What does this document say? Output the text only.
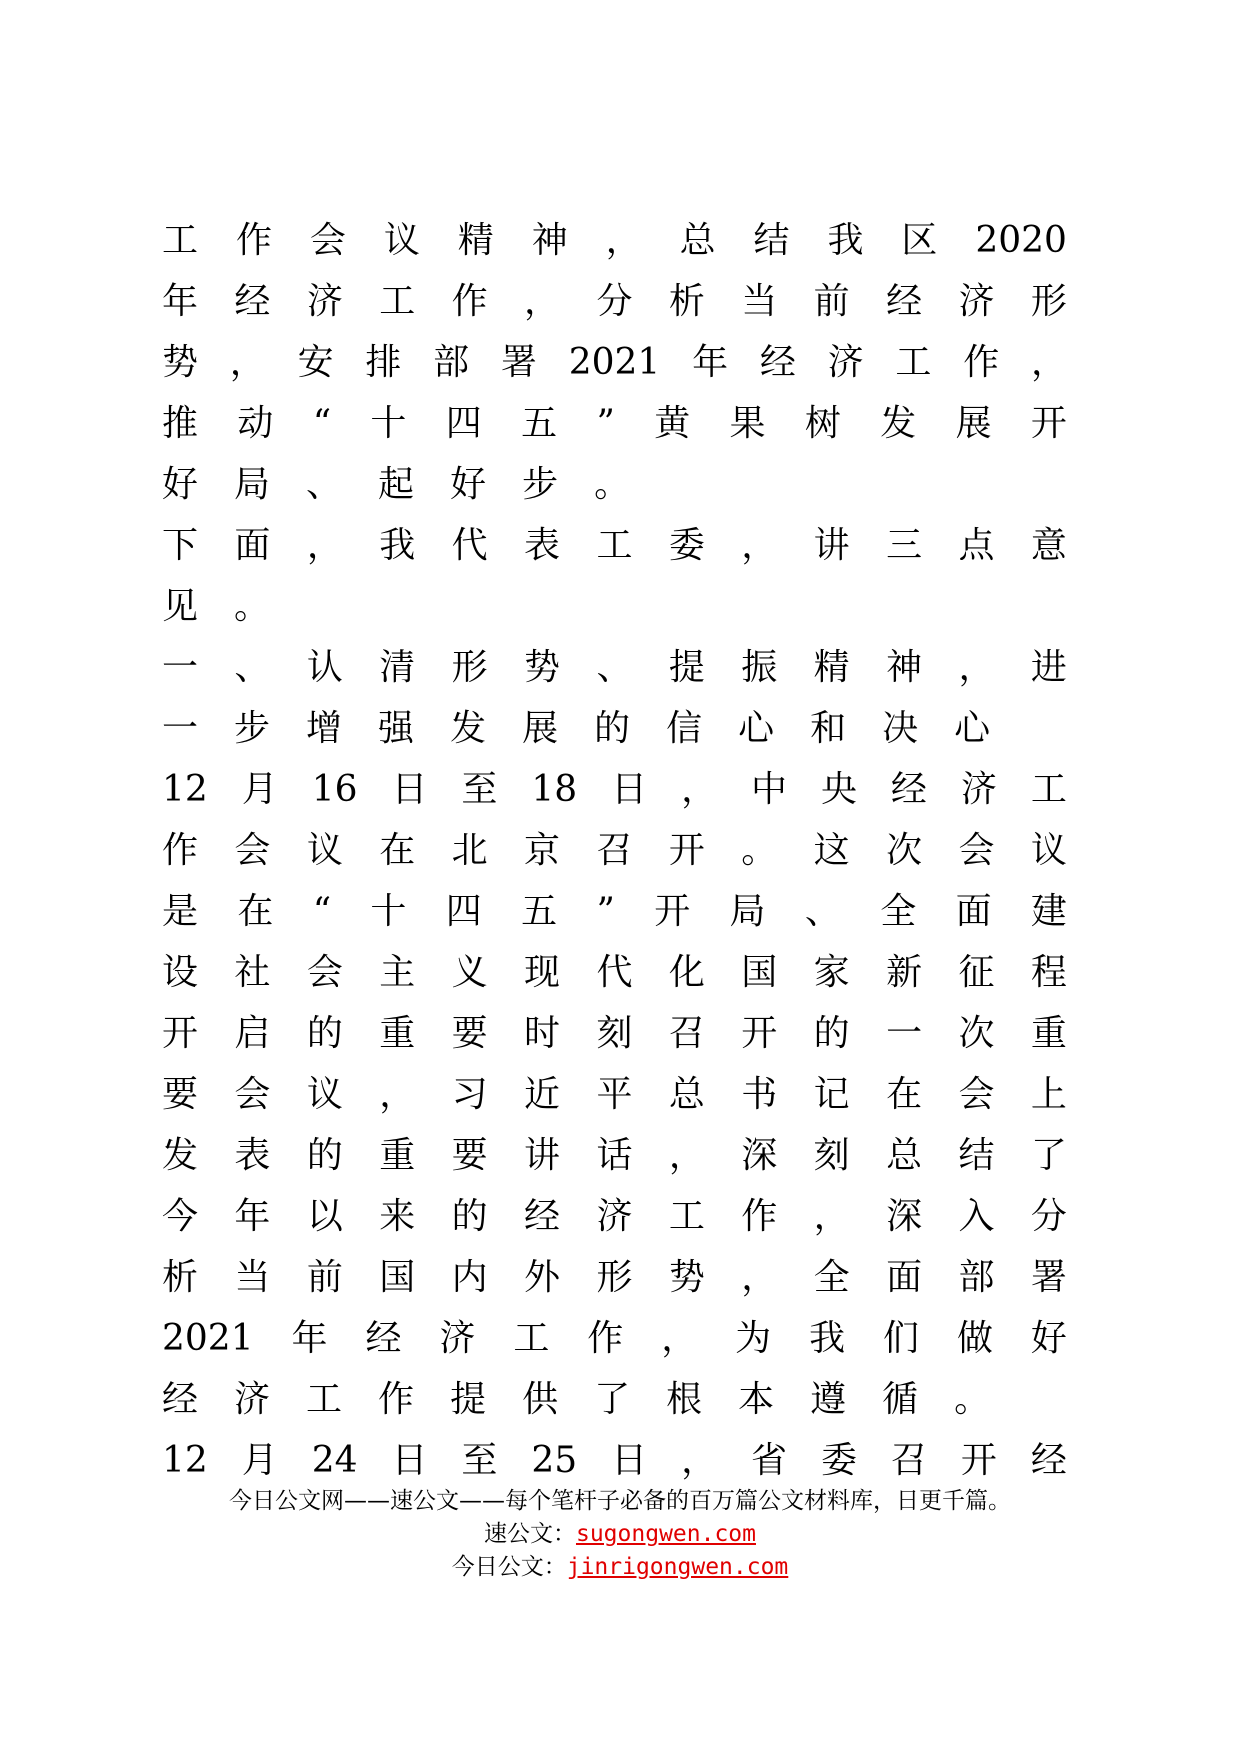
工 作 会 议 精 神 ， 总 结 我 区 2020
年 经 济 工 作 ， 分 析 当 前 经 济 形
势 ， 安 排 部 署 2021 年 经 济 工 作 ，
推 动 “ 十 四 五 ” 黄 果 树 发 展 开
好 局 、 起 好 步 。
下 面 ， 我 代 表 工 委 ， 讲 三 点 意
见 。
一 、 认 清 形 势 、 提 振 精 神 ， 进
一 步 增 强 发 展 的 信 心 和 决 心
12 月 16 日 至 18 日 ， 中 央 经 济 工
作 会 议 在 北 京 召 开 。 这 次 会 议
是 在 “ 十 四 五 ” 开 局 、 全 面 建
设 社 会 主 义 现 代 化 国 家 新 征 程
开 启 的 重 要 时 刻 召 开 的 一 次 重
要 会 议 ， 习 近 平 总 书 记 在 会 上
发 表 的 重 要 讲 话 ， 深 刻 总 结 了
今 年 以 来 的 经 济 工 作 ， 深 入 分
析 当 前 国 内 外 形 势 ， 全 面 部 署
2021 年 经 济 工 作 ， 为 我 们 做 好
经 济 工 作 提 供 了 根 本 遵 循 。
12 月 24 日 至 25 日 ， 省 委 召 开 经
今日公文网——速公文——每个笔杆子必备的百万篇公文材料库，日更千篇。
速公文：sugongwen.com
今日公文：jinrigongwen.com
